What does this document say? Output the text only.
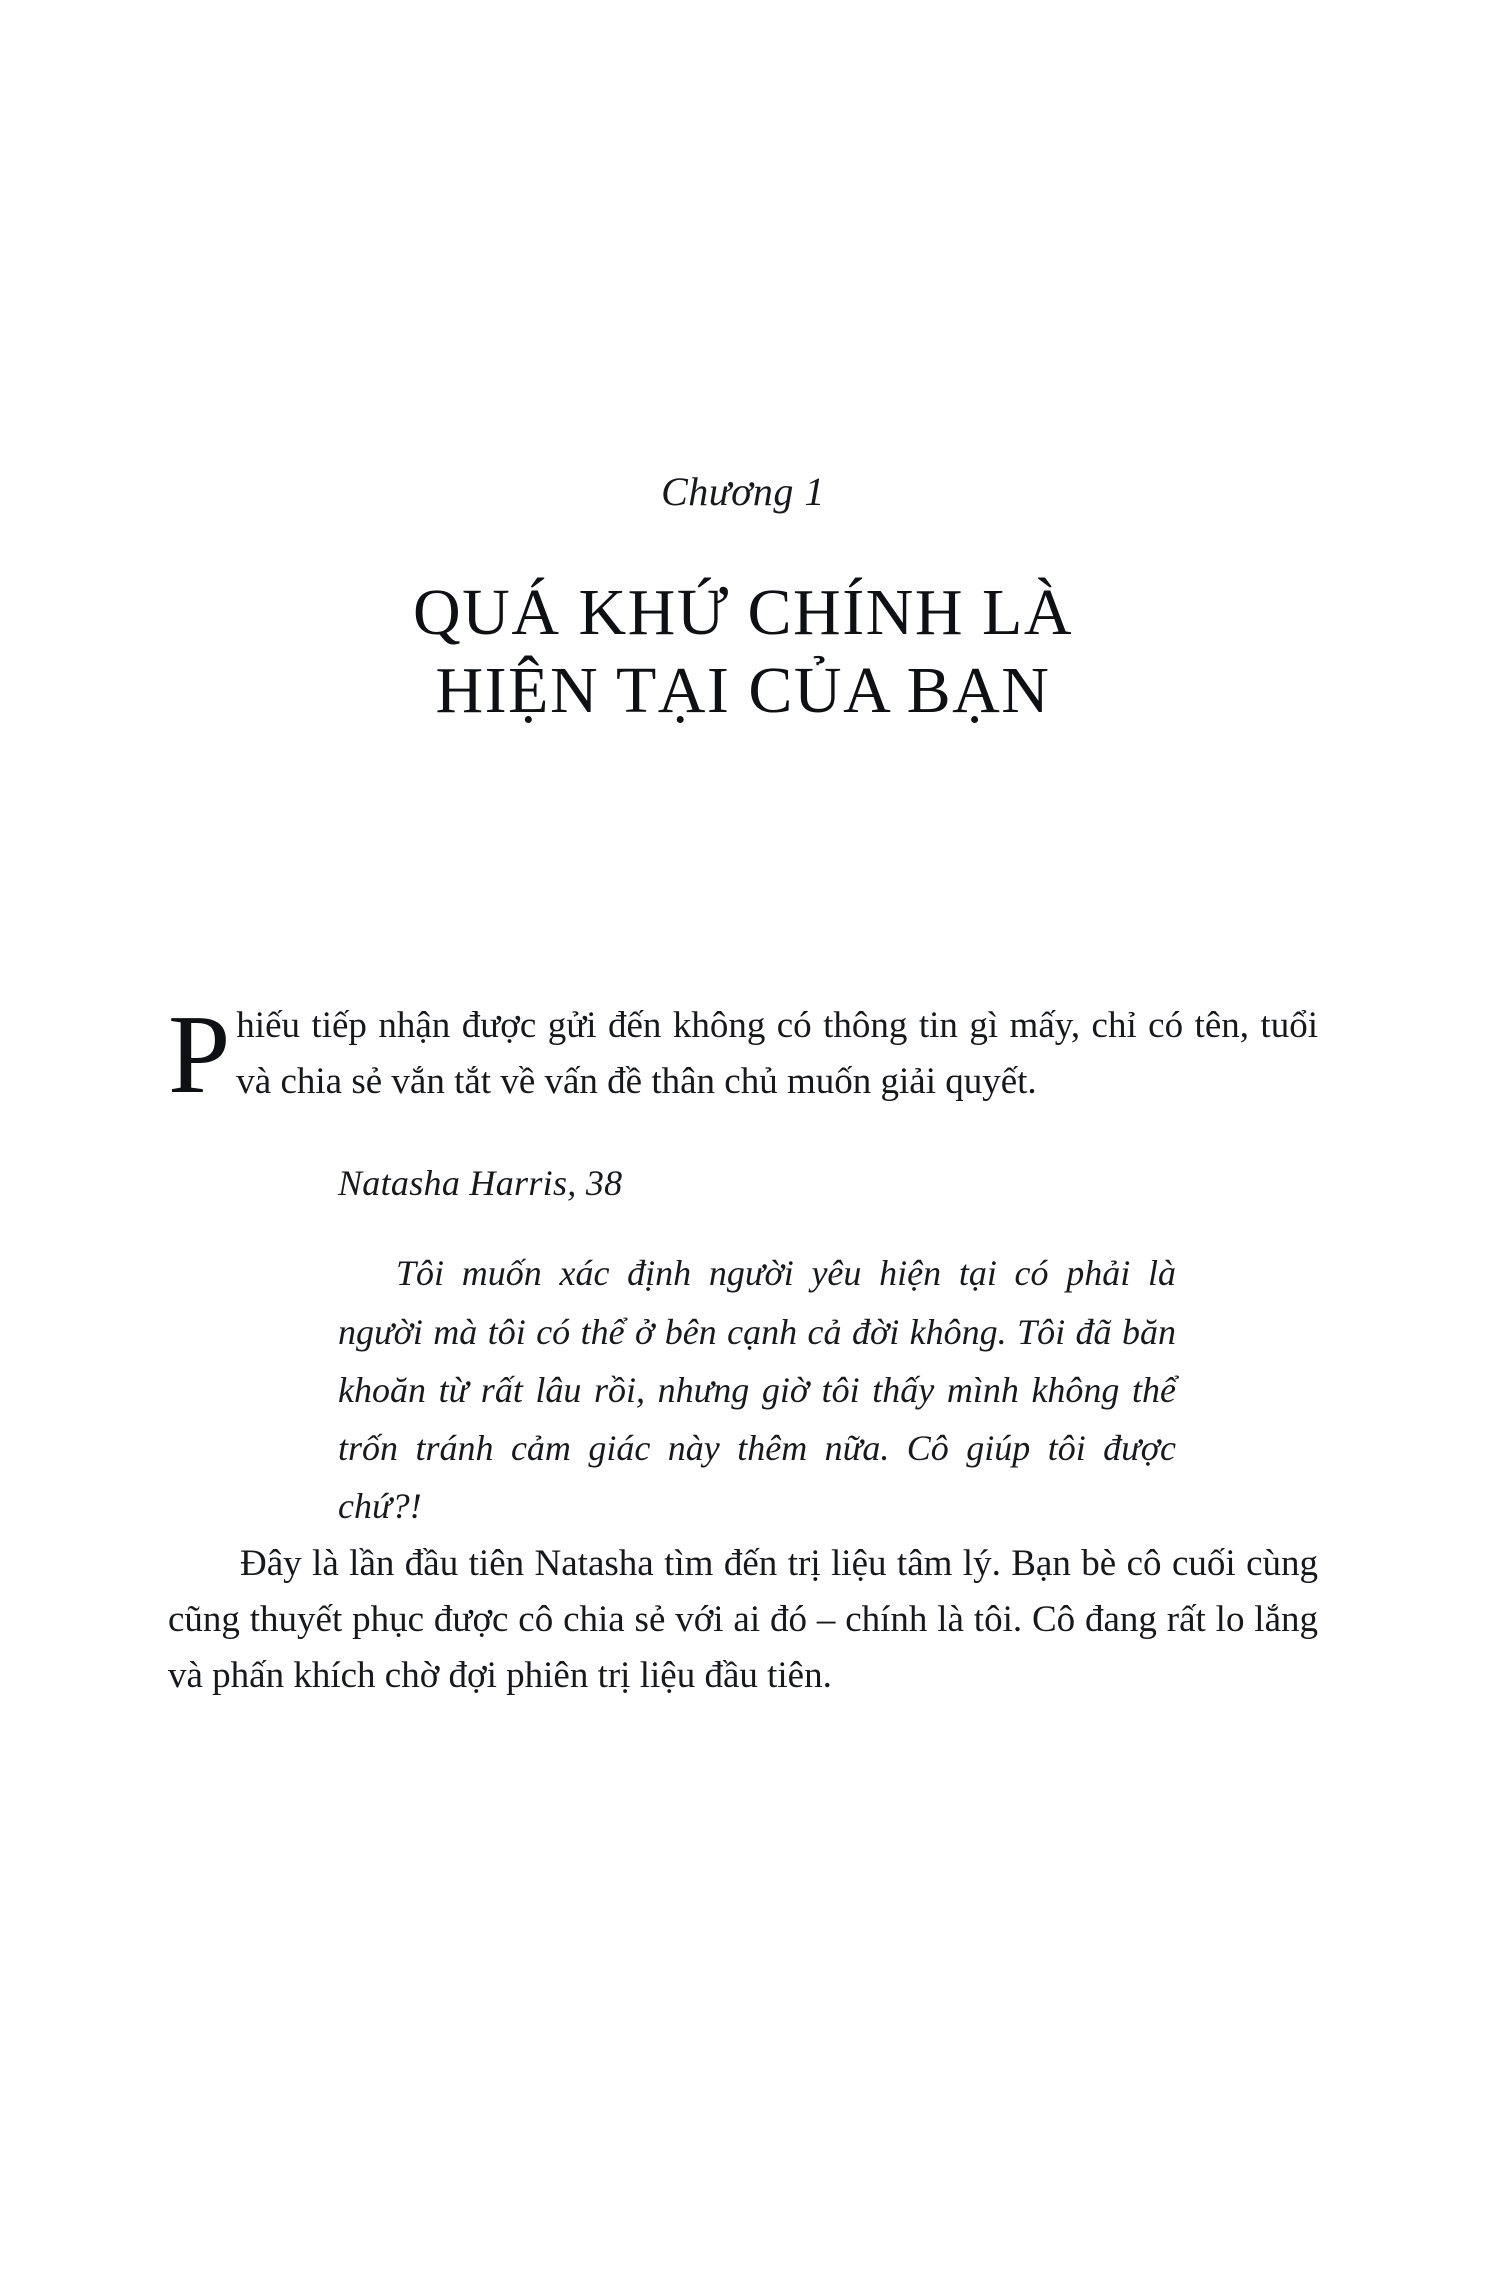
Chương 1
QUÁ KHỨ CHÍNH LÀ
HIỆN TẠI CỦA BẠN

Phiếu tiếp nhận được gửi đến không có thông tin gì mấy, chỉ có tên, tuổi và chia sẻ vắn tắt về vấn đề thân chủ muốn giải quyết.

Natasha Harris, 38
Tôi muốn xác định người yêu hiện tại có phải là người mà tôi có thể ở bên cạnh cả đời không. Tôi đã băn khoăn từ rất lâu rồi, nhưng giờ tôi thấy mình không thể trốn tránh cảm giác này thêm nữa. Cô giúp tôi được chứ?!

Đây là lần đầu tiên Natasha tìm đến trị liệu tâm lý. Bạn bè cô cuối cùng cũng thuyết phục được cô chia sẻ với ai đó – chính là tôi. Cô đang rất lo lắng và phấn khích chờ đợi phiên trị liệu đầu tiên.
